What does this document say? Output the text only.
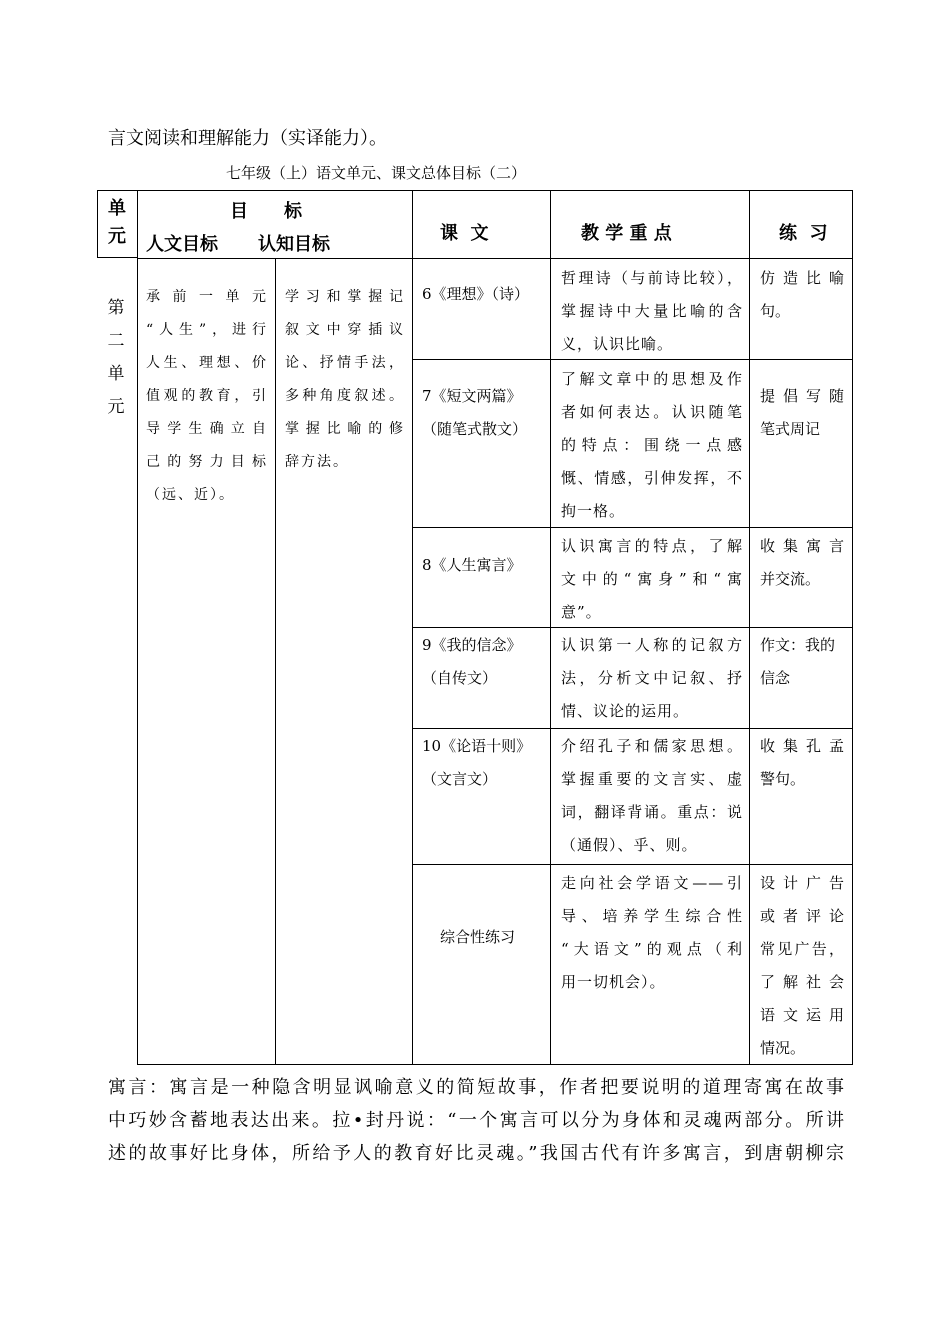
言文阅读和理解能力（实译能力）。
七年级（上）语文单元、课文总体目标（二）
单
元
目　　标
人文目标 认知目标
课  文	教 学 重 点	练  习
第
二
单
元
承 前 一 单 元
“人生”，进行
人生、理想、价
值观的教育，引
导学生确立自
己的努力目标
（远、近）。
学习和掌握记
叙文中穿插议
论、抒情手法，
多种角度叙述。
掌握比喻的修
辞方法。
6《理想》（诗）
哲理诗（与前诗比较），
掌握诗中大量比喻的含
义，认识比喻。
仿造比喻
句。
7《短文两篇》
（随笔式散文）
了解文章中的思想及作
者如何表达。认识随笔
的特点：围绕一点感
慨、情感，引伸发挥，不
拘一格。
提倡写随
笔式周记
8《人生寓言》
认识寓言的特点，了解
文中的“寓身”和“寓
意”。
收集寓言
并交流。
9《我的信念》
（自传文）
认识第一人称的记叙方
法，分析文中记叙、抒
情、议论的运用。
作文：我的
信念
10《论语十则》
（文言文）
介绍孔子和儒家思想。
掌握重要的文言实、虚
词，翻译背诵。重点：说
（通假）、乎、则。
收集孔孟
警句。
综合性练习
走向社会学语文——引
导、培养学生综合性
“大语文”的观点（利
用一切机会）。
设计广告
或者评论
常见广告，
了解社会
语文运用
情况。
寓言：寓言是一种隐含明显讽喻意义的简短故事，作者把要说明的道理寄寓在故事
中巧妙含蓄地表达出来。拉•封丹说：“一个寓言可以分为身体和灵魂两部分。所讲
述的故事好比身体，所给予人的教育好比灵魂。”我国古代有许多寓言，到唐朝柳宗
